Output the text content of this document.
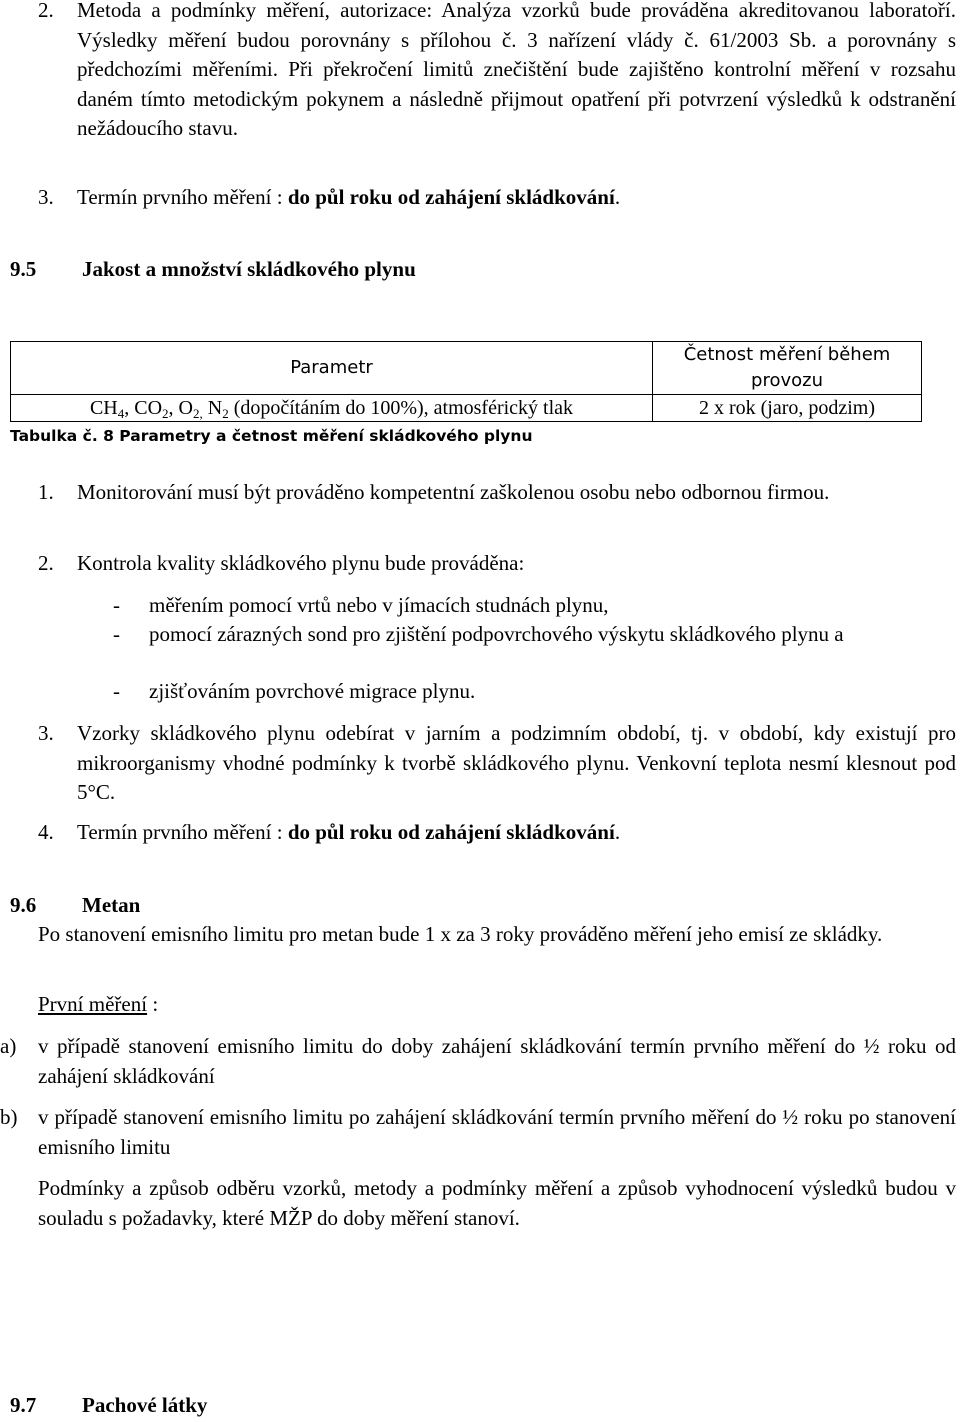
2. Metoda a podmínky měření, autorizace: Analýza vzorků bude prováděna akreditovanou laboratoří. Výsledky měření budou porovnány s přílohou č. 3 nařízení vlády č. 61/2003 Sb. a porovnány s předchozími měřeními. Při překročení limitů znečištění bude zajištěno kontrolní měření v rozsahu daném tímto metodickým pokynem a následně přijmout opatření při potvrzení výsledků k odstranění nežádoucího stavu.
3. Termín prvního měření : do půl roku od zahájení skládkování.
9.5 Jakost a množství skládkového plynu
Parametr	Četnost měření během provozu
$CH_4$, $CO_2$, $O_{2,}$ $N_2$ (dopočítáním do 100%), atmosférický tlak	2 x rok (jaro, podzim)
Tabulka č. 8 Parametry a četnost měření skládkového plynu
1. Monitorování musí být prováděno kompetentní zaškolenou osobu nebo odbornou firmou.
2. Kontrola kvality skládkového plynu bude prováděna:
- měřením pomocí vrtů nebo v jímacích studnách plynu,
- pomocí zárazných sond pro zjištění podpovrchového výskytu skládkového plynu a
- zjišťováním povrchové migrace plynu.
3. Vzorky skládkového plynu odebírat v jarním a podzimním období, tj. v období, kdy existují pro mikroorganismy vhodné podmínky k tvorbě skládkového plynu. Venkovní teplota nesmí klesnout pod 5°C.
4. Termín prvního měření : do půl roku od zahájení skládkování.
9.6 Metan
Po stanovení emisního limitu pro metan bude 1 x za 3 roky prováděno měření jeho emisí ze skládky.
První měření :
a) v případě stanovení emisního limitu do doby zahájení skládkování termín prvního měření do ½ roku od zahájení skládkování
b) v případě stanovení emisního limitu po zahájení skládkování termín prvního měření do ½ roku po stanovení emisního limitu
Podmínky a způsob odběru vzorků, metody a podmínky měření a způsob vyhodnocení výsledků budou v souladu s požadavky, které MŽP do doby měření stanoví.
9.7 Pachové látky
